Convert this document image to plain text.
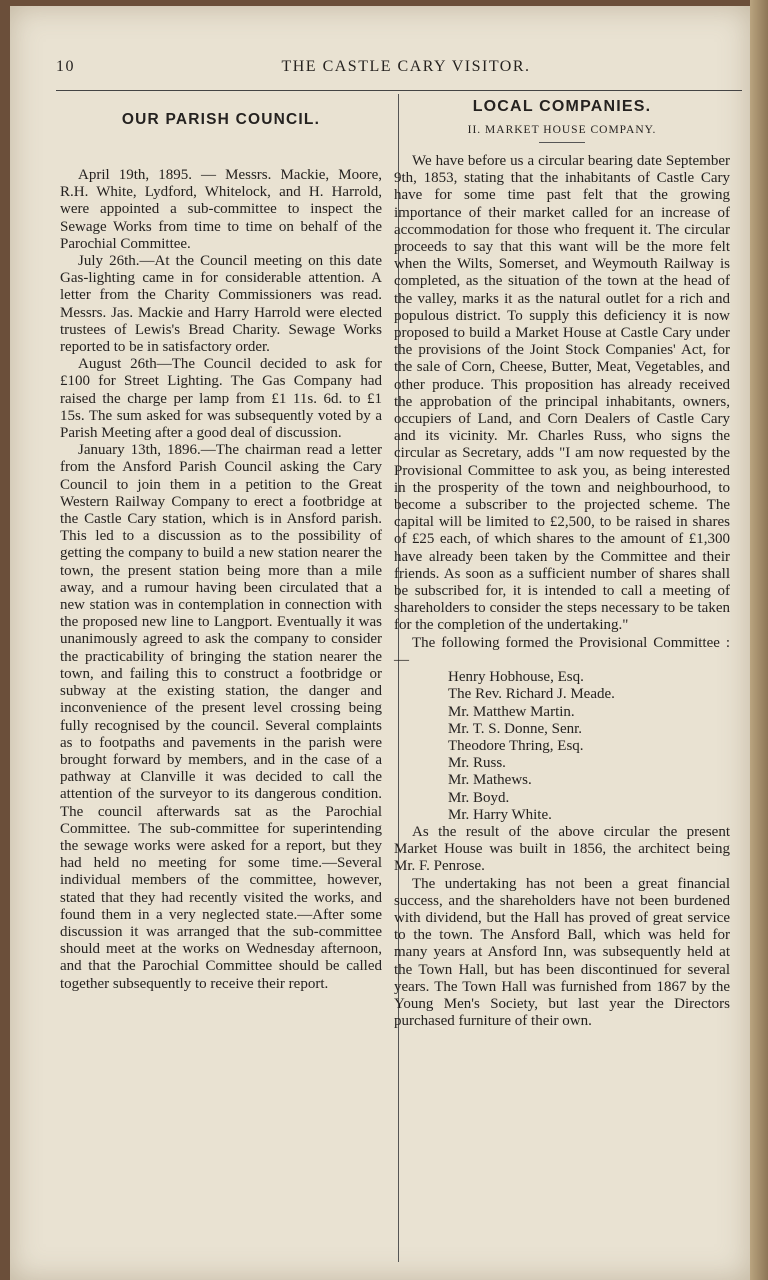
10	THE CASTLE CARY VISITOR.
OUR PARISH COUNCIL.

April 19th, 1895. — Messrs. Mackie, Moore, R.H. White, Lydford, Whitelock, and H. Harrold, were appointed a sub-committee to inspect the Sewage Works from time to time on behalf of the Parochial Committee.

July 26th.—At the Council meeting on this date Gas-lighting came in for considerable attention. A letter from the Charity Commissioners was read. Messrs. Jas. Mackie and Harry Harrold were elected trustees of Lewis's Bread Charity. Sewage Works reported to be in satisfactory order.

August 26th—The Council decided to ask for £100 for Street Lighting. The Gas Company had raised the charge per lamp from £1 11s. 6d. to £1 15s. The sum asked for was subsequently voted by a Parish Meeting after a good deal of discussion.

January 13th, 1896.—The chairman read a letter from the Ansford Parish Council asking the Cary Council to join them in a petition to the Great Western Railway Company to erect a footbridge at the Castle Cary station, which is in Ansford parish. This led to a discussion as to the possibility of getting the company to build a new station nearer the town, the present station being more than a mile away, and a rumour having been circulated that a new station was in contemplation in connection with the proposed new line to Langport. Eventually it was unanimously agreed to ask the company to consider the practicability of bringing the station nearer the town, and failing this to construct a footbridge or subway at the existing station, the danger and inconvenience of the present level crossing being fully recognised by the council. Several complaints as to footpaths and pavements in the parish were brought forward by members, and in the case of a pathway at Clanville it was decided to call the attention of the surveyor to its dangerous condition. The council afterwards sat as the Parochial Committee. The sub-committee for superintending the sewage works were asked for a report, but they had held no meeting for some time.—Several individual members of the committee, however, stated that they had recently visited the works, and found them in a very neglected state.—After some discussion it was arranged that the sub-committee should meet at the works on Wednesday afternoon, and that the Parochial Committee should be called together subsequently to receive their report.

LOCAL COMPANIES.
II. MARKET HOUSE COMPANY.

We have before us a circular bearing date September 9th, 1853, stating that the inhabitants of Castle Cary have for some time past felt that the growing importance of their market called for an increase of accommodation for those who frequent it. The circular proceeds to say that this want will be the more felt when the Wilts, Somerset, and Weymouth Railway is completed, as the situation of the town at the head of the valley, marks it as the natural outlet for a rich and populous district. To supply this deficiency it is now proposed to build a Market House at Castle Cary under the provisions of the Joint Stock Companies' Act, for the sale of Corn, Cheese, Butter, Meat, Vegetables, and other produce. This proposition has already received the approbation of the principal inhabitants, owners, occupiers of Land, and Corn Dealers of Castle Cary and its vicinity. Mr. Charles Russ, who signs the circular as Secretary, adds "I am now requested by the Provisional Committee to ask you, as being interested in the prosperity of the town and neighbourhood, to become a subscriber to the projected scheme. The capital will be limited to £2,500, to be raised in shares of £25 each, of which shares to the amount of £1,300 have already been taken by the Committee and their friends. As soon as a sufficient number of shares shall be subscribed for, it is intended to call a meeting of shareholders to consider the steps necessary to be taken for the completion of the undertaking."

The following formed the Provisional Committee :—

Henry Hobhouse, Esq.
The Rev. Richard J. Meade.
Mr. Matthew Martin.
Mr. T. S. Donne, Senr.
Theodore Thring, Esq.
Mr. Russ.
Mr. Mathews.
Mr. Boyd.
Mr. Harry White.

As the result of the above circular the present Market House was built in 1856, the architect being Mr. F. Penrose.

The undertaking has not been a great financial success, and the shareholders have not been burdened with dividend, but the Hall has proved of great service to the town. The Ansford Ball, which was held for many years at Ansford Inn, was subsequently held at the Town Hall, but has been discontinued for several years. The Town Hall was furnished from 1867 by the Young Men's Society, but last year the Directors purchased furniture of their own.
